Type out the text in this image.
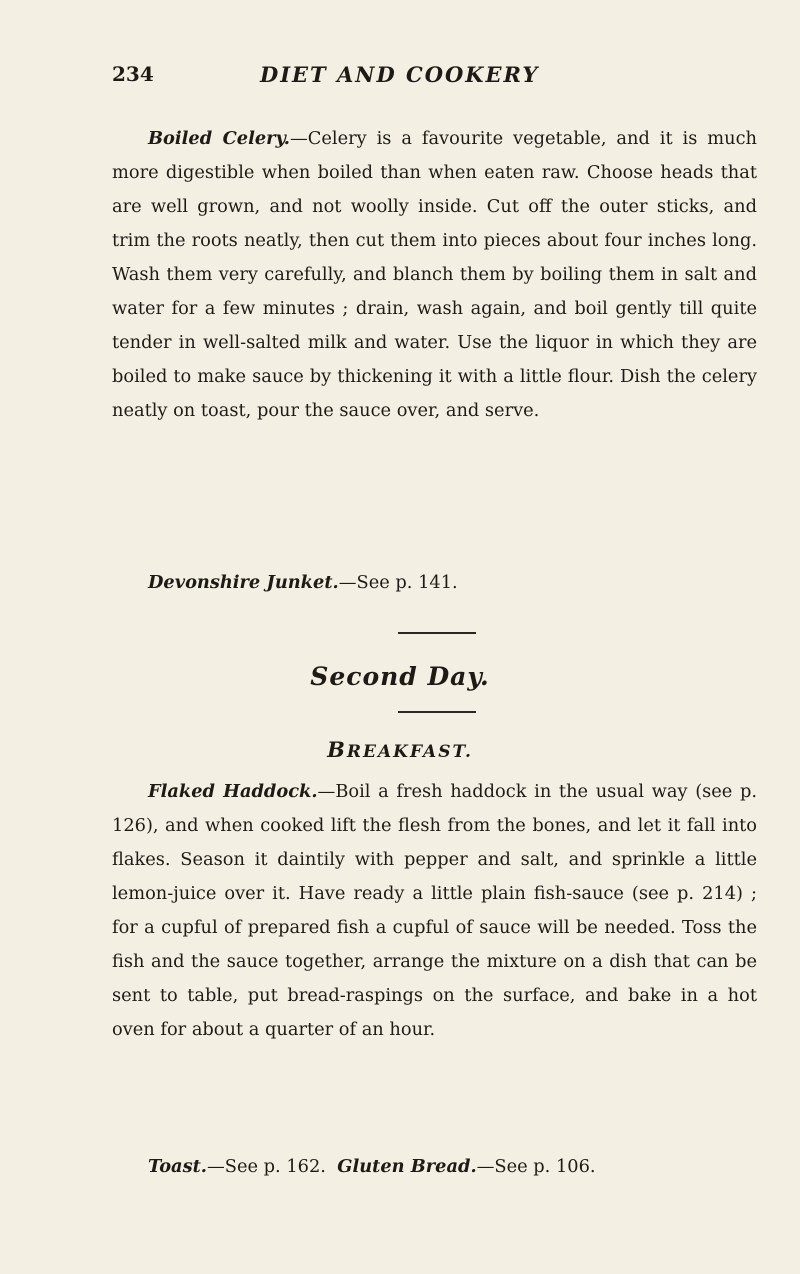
234	DIET AND COOKERY

Boiled Celery.—Celery is a favourite vegetable, and it is much more digestible when boiled than when eaten raw. Choose heads that are well grown, and not woolly inside. Cut off the outer sticks, and trim the roots neatly, then cut them into pieces about four inches long. Wash them very carefully, and blanch them by boiling them in salt and water for a few minutes ; drain, wash again, and boil gently till quite tender in well-salted milk and water. Use the liquor in which they are boiled to make sauce by thickening it with a little flour. Dish the celery neatly on toast, pour the sauce over, and serve.

Devonshire Junket.—See p. 141.

Second Day.
BREAKFAST.

Flaked Haddock.—Boil a fresh haddock in the usual way (see p. 126), and when cooked lift the flesh from the bones, and let it fall into flakes. Season it daintily with pepper and salt, and sprinkle a little lemon-juice over it. Have ready a little plain fish-sauce (see p. 214) ; for a cupful of prepared fish a cupful of sauce will be needed. Toss the fish and the sauce together, arrange the mixture on a dish that can be sent to table, put bread-raspings on the surface, and bake in a hot oven for about a quarter of an hour.

Toast.—See p. 162. Gluten Bread.—See p. 106.
